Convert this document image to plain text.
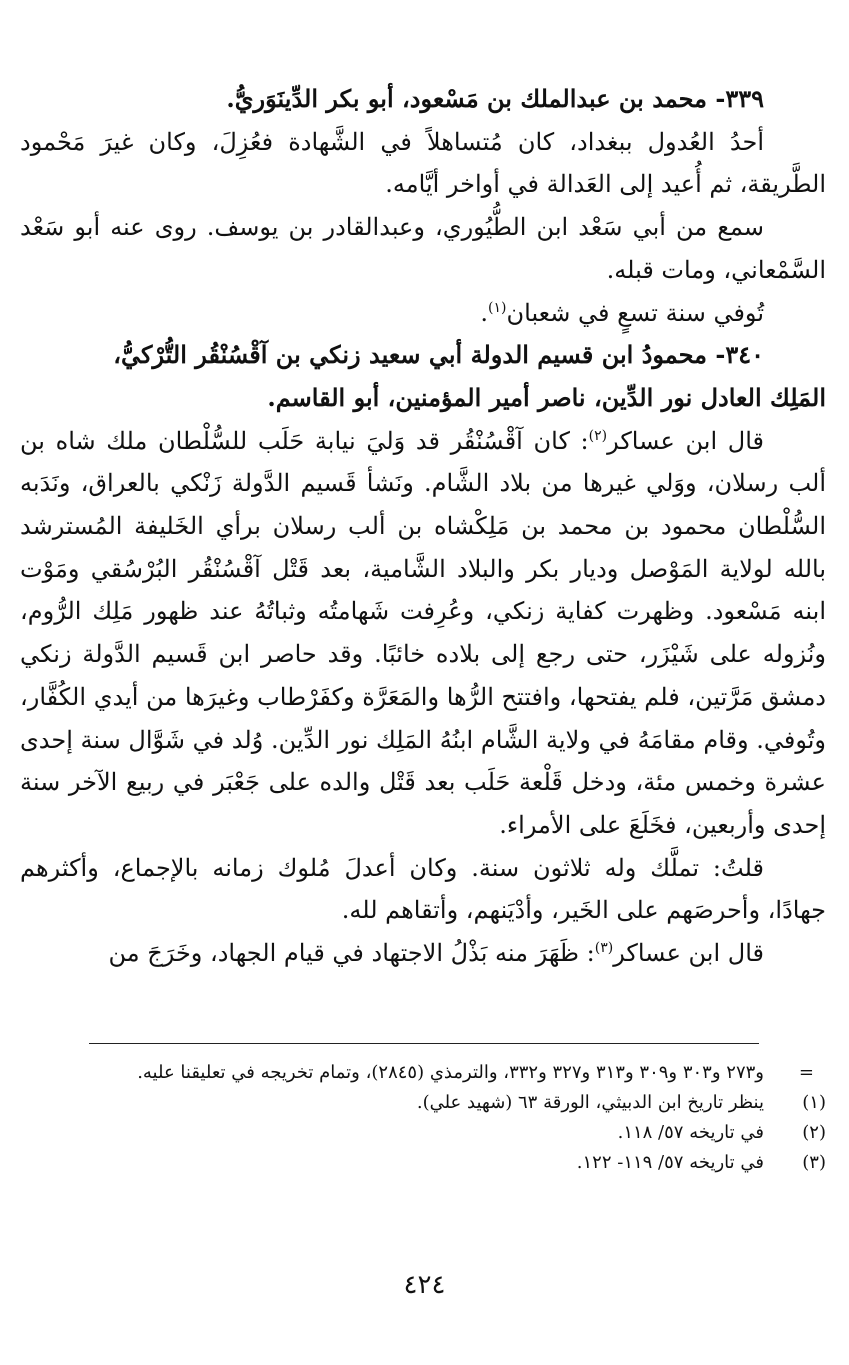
٣٣٩- محمد بن عبدالملك بن مَسْعود، أبو بكر الدِّينَوَريُّ.

أحدُ العُدول ببغداد، كان مُتساهلاً في الشَّهادة فعُزِلَ، وكان غيرَ مَحْمود الطَّريقة، ثم أُعيد إلى العَدالة في أواخر أيَّامه.

سمع من أبي سَعْد ابن الطُّيُوري، وعبدالقادر بن يوسف. روى عنه أبو سَعْد السَّمْعاني، ومات قبله.

تُوفي سنة تسعٍ في شعبان$^{(١)}$.

٣٤٠- محمودُ ابن قسيم الدولة أبي سعيد زنكي بن آقْسُنْقُر التُّرْكيُّ،

المَلِك العادل نور الدِّين، ناصر أمير المؤمنين، أبو القاسم.

قال ابن عساكر$^{(٢)}$: كان آقْسُنْقُر قد وَليَ نيابة حَلَب للسُّلْطان ملك شاه بن ألب رسلان، ووَلي غيرها من بلاد الشَّام. ونَشأ قَسيم الدَّولة زَنْكي بالعراق، ونَدَبه السُّلْطان محمود بن محمد بن مَلِكْشاه بن ألب رسلان برأي الخَليفة المُسترشد بالله لولاية المَوْصل وديار بكر والبلاد الشَّامية، بعد قَتْل آقْسُنْقُر البُرْسُقي ومَوْت ابنه مَسْعود. وظهرت كفاية زنكي، وعُرِفت شَهامتُه وثباتُهُ عند ظهور مَلِك الرُّوم، ونُزوله على شَيْزَر، حتى رجع إلى بلاده خائبًا. وقد حاصر ابن قَسيم الدَّولة زنكي دمشق مَرَّتين، فلم يفتحها، وافتتح الرُّها والمَعَرَّة وكفَرْطاب وغيرَها من أيدي الكُفَّار، وتُوفي. وقام مقامَهُ في ولاية الشَّام ابنُهُ المَلِك نور الدِّين. وُلد في شَوَّال سنة إحدى عشرة وخمس مئة، ودخل قَلْعة حَلَب بعد قَتْل والده على جَعْبَر في ربيع الآخر سنة إحدى وأربعين، فخَلَعَ على الأمراء.

قلتُ: تملَّك وله ثلاثون سنة. وكان أعدلَ مُلوك زمانه بالإجماع، وأكثرهم جهادًا، وأحرصَهم على الخَير، وأدْيَنهم، وأتقاهم لله.

قال ابن عساكر$^{(٣)}$: ظَهَرَ منه بَذْلُ الاجتهاد في قيام الجهاد، وخَرَجَ من

=
و٢٧٣ و٣٠٣ و٣٠٩ و٣١٣ و٣٢٧ و٣٣٢، والترمذي (٢٨٤٥)، وتمام تخريجه في تعليقنا عليه.
(١)
ينظر تاريخ ابن الدبيثي، الورقة ٦٣ (شهيد علي).
(٢)
في تاريخه ٥٧/ ١١٨.
(٣)
في تاريخه ٥٧/ ١١٩- ١٢٢.
٤٢٤
